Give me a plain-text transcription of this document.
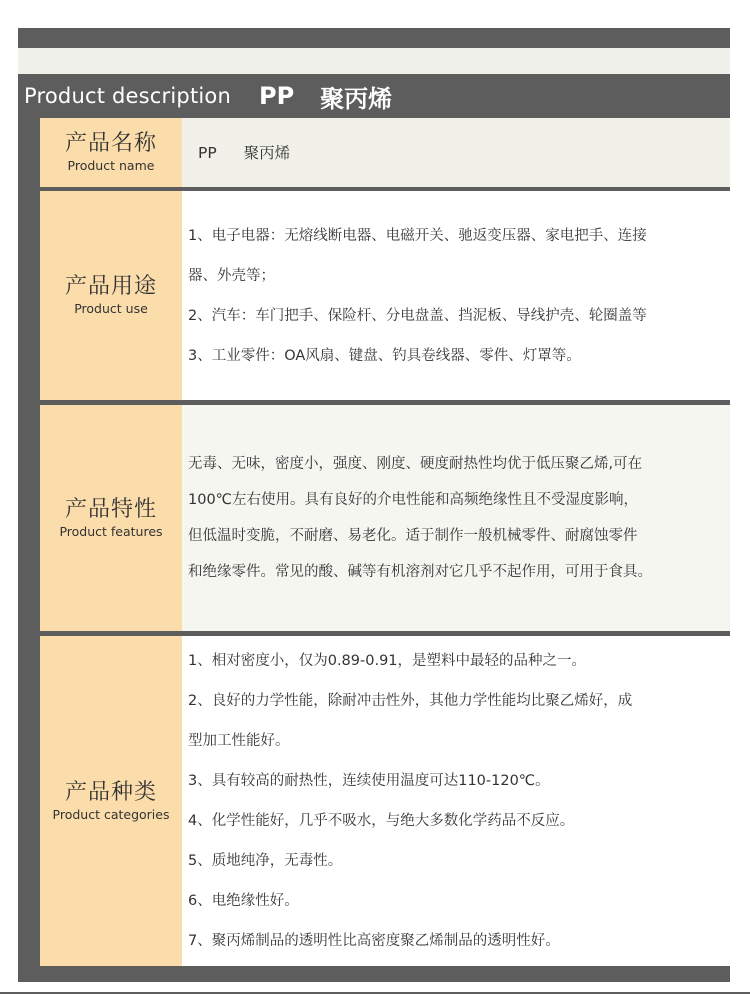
Product description PP 聚丙烯
产品名称
Product name
PP 聚丙烯
产品用途
Product use
1、电子电器：无熔线断电器、电磁开关、驰返变压器、家电把手、连接
器、外壳等；
2、汽车：车门把手、保险杆、分电盘盖、挡泥板、导线护壳、轮圈盖等
3、工业零件：OA风扇、键盘、钓具卷线器、零件、灯罩等。
产品特性
Product features
无毒、无味，密度小，强度、刚度、硬度耐热性均优于低压聚乙烯,可在
100℃左右使用。具有良好的介电性能和高频绝缘性且不受湿度影响，
但低温时变脆，不耐磨、易老化。适于制作一般机械零件、耐腐蚀零件
和绝缘零件。常见的酸、碱等有机溶剂对它几乎不起作用，可用于食具。
产品种类
Product categories
1、相对密度小，仅为0.89-0.91，是塑料中最轻的品种之一。
2、良好的力学性能，除耐冲击性外，其他力学性能均比聚乙烯好，成
型加工性能好。
3、具有较高的耐热性，连续使用温度可达110-120℃。
4、化学性能好，几乎不吸水，与绝大多数化学药品不反应。
5、质地纯净，无毒性。
6、电绝缘性好。
7、聚丙烯制品的透明性比高密度聚乙烯制品的透明性好。
